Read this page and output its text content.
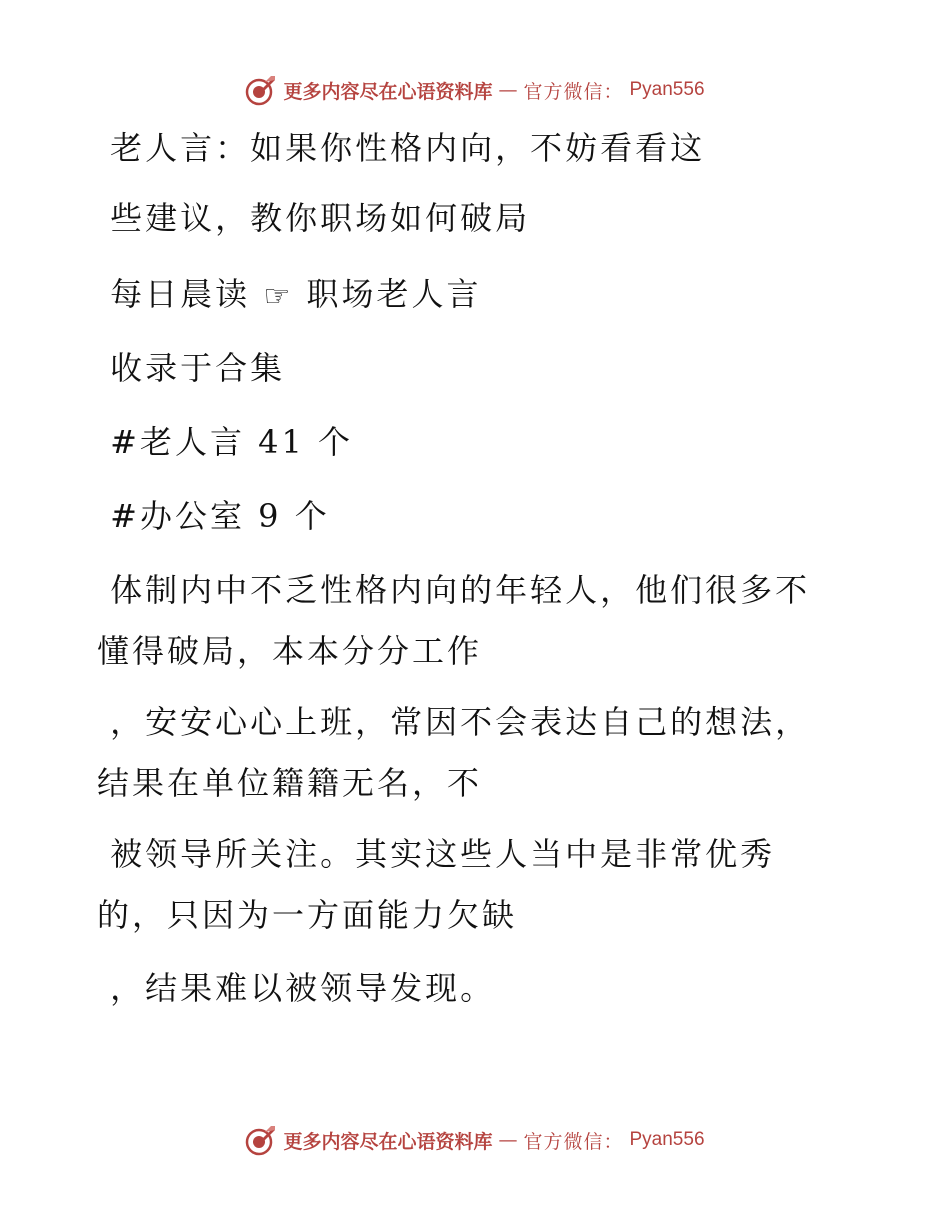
更多内容尽在心语资料库 — 官方微信： Pyan556
老人言：如果你性格内向，不妨看看这
些建议，教你职场如何破局
每日晨读 ☞ 职场老人言
收录于合集
#老人言 41 个
#办公室 9 个
体制内中不乏性格内向的年轻人，他们很多不懂得破局，本本分分工作
，安安心心上班，常因不会表达自己的想法，结果在单位籍籍无名，不
被领导所关注。其实这些人当中是非常优秀的，只因为一方面能力欠缺
，结果难以被领导发现。
更多内容尽在心语资料库 — 官方微信： Pyan556
